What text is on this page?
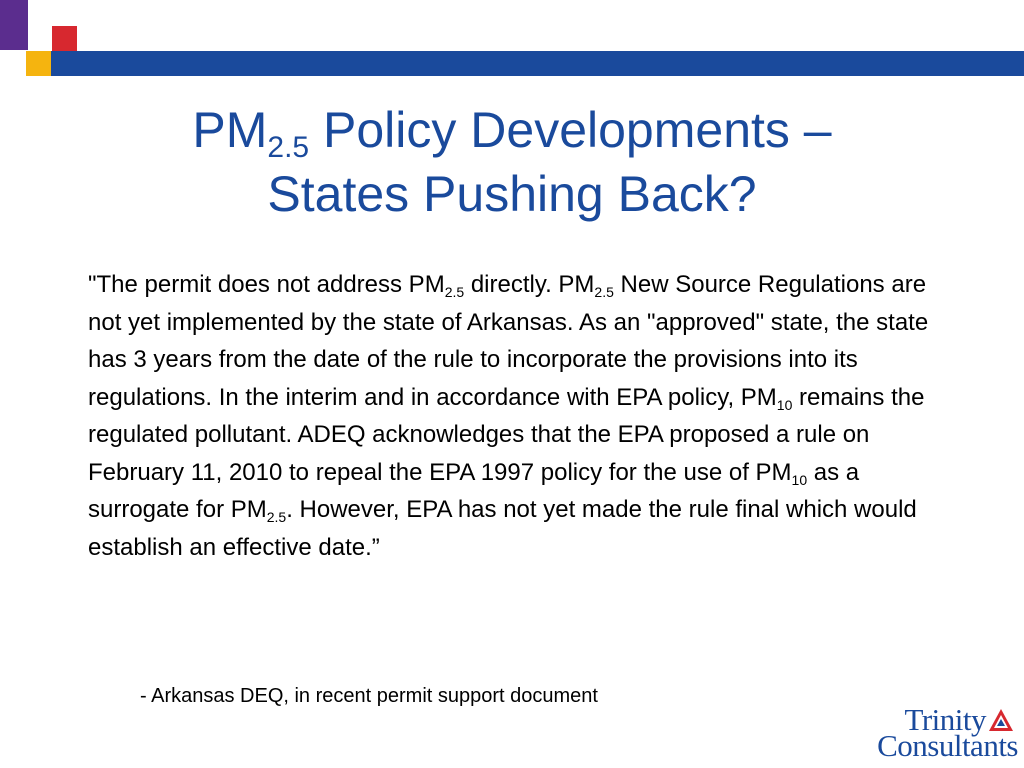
$PM_{2.5}$ Policy Developments –
States Pushing Back?

"The permit does not address $PM_{2.5}$ directly. $PM_{2.5}$ New Source Regulations are not yet implemented by the state of Arkansas. As an "approved" state, the state has 3 years from the date of the rule to incorporate the provisions into its regulations. In the interim and in accordance with EPA policy, $PM_{10}$ remains the regulated pollutant. ADEQ acknowledges that the EPA proposed a rule on February 11, 2010 to repeal the EPA 1997 policy for the use of $PM_{10}$ as a surrogate for $PM_{2.5}$. However, EPA has not yet made the rule final which would establish an effective date.”

- Arkansas DEQ, in recent permit support document

Trinity
Consultants
